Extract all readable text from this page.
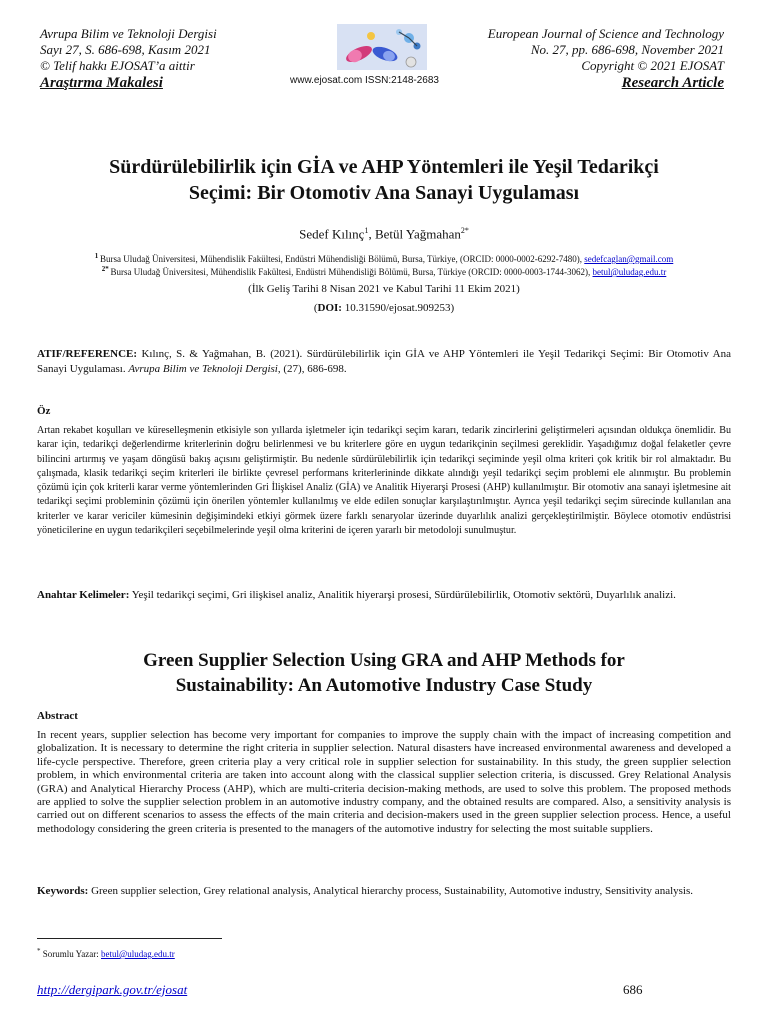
Avrupa Bilim ve Teknoloji Dergisi
Sayı 27, S. 686-698, Kasım 2021
© Telif hakkı EJOSAT’a aittir
Araştırma Makalesi	www.ejosat.com ISSN:2148-2683
European Journal of Science and Technology
No. 27, pp. 686-698, November 2021
Copyright © 2021 EJOSAT
Research Article
Sürdürülebilirlik için GİA ve AHP Yöntemleri ile Yeşil Tedarikçi
Seçimi: Bir Otomotiv Ana Sanayi Uygulaması
Sedef Kılınç$^1$, Betül Yağmahan$^{2*}$
$^1$ Bursa Uludağ Üniversitesi, Mühendislik Fakültesi, Endüstri Mühendisliği Bölümü, Bursa, Türkiye, (ORCID: 0000-0002-6292-7480), sedefcaglan@gmail.com
$^{2*}$ Bursa Uludağ Üniversitesi, Mühendislik Fakültesi, Endüstri Mühendisliği Bölümü, Bursa, Türkiye (ORCID: 0000-0003-1744-3062), betul@uludag.edu.tr
(İlk Geliş Tarihi 8 Nisan 2021 ve Kabul Tarihi 11 Ekim 2021)
(DOI: 10.31590/ejosat.909253)
ATIF/REFERENCE: Kılınç, S. & Yağmahan, B. (2021). Sürdürülebilirlik için GİA ve AHP Yöntemleri ile Yeşil Tedarikçi Seçimi: Bir Otomotiv Ana Sanayi Uygulaması. Avrupa Bilim ve Teknoloji Dergisi, (27), 686-698.
Öz
Artan rekabet koşulları ve küreselleşmenin etkisiyle son yıllarda işletmeler için tedarikçi seçim kararı, tedarik zincirlerini geliştirmeleri açısından oldukça önemlidir. Bu karar için, tedarikçi değerlendirme kriterlerinin doğru belirlenmesi ve bu kriterlere göre en uygun tedarikçinin seçilmesi gereklidir. Yaşadığımız doğal felaketler çevre bilincini artırmış ve yaşam döngüsü bakış açısını geliştirmiştir. Bu nedenle sürdürülebilirlik için tedarikçi seçiminde yeşil olma kriteri çok kritik bir rol almaktadır. Bu çalışmada, klasik tedarikçi seçim kriterleri ile birlikte çevresel performans kriterlerininde dikkate alındığı yeşil tedarikçi seçim problemi ele alınmıştır. Bu problemin çözümü için çok kriterli karar verme yöntemlerinden Gri İlişkisel Analiz (GİA) ve Analitik Hiyerarşi Prosesi (AHP) kullanılmıştır. Bir otomotiv ana sanayi işletmesine ait tedarikçi seçimi probleminin çözümü için önerilen yöntemler kullanılmış ve elde edilen sonuçlar karşılaştırılmıştır. Ayrıca yeşil tedarikçi seçim sürecinde kullanılan ana kriterler ve karar vericiler kümesinin değişimindeki etkiyi görmek üzere farklı senaryolar üzerinde duyarlılık analizi gerçekleştirilmiştir. Böylece otomotiv endüstrisi yöneticilerine en uygun tedarikçileri seçebilmelerinde yeşil olma kriterini de içeren yararlı bir metodoloji sunulmuştur.
Anahtar Kelimeler: Yeşil tedarikçi seçimi, Gri ilişkisel analiz, Analitik hiyerarşi prosesi, Sürdürülebilirlik, Otomotiv sektörü, Duyarlılık analizi.
Green Supplier Selection Using GRA and AHP Methods for
Sustainability: An Automotive Industry Case Study
Abstract
In recent years, supplier selection has become very important for companies to improve the supply chain with the impact of increasing competition and globalization. It is necessary to determine the right criteria in supplier selection. Natural disasters have increased environmental awareness and developed a life-cycle perspective. Therefore, green criteria play a very critical role in supplier selection for sustainability. In this study, the green supplier selection problem, in which environmental criteria are taken into account along with the classical supplier selection criteria, is discussed. Grey Relational Analysis (GRA) and Analytical Hierarchy Process (AHP), which are multi-criteria decision-making methods, are used to solve this problem. The proposed methods are applied to solve the supplier selection problem in an automotive industry company, and the obtained results are compared. Also, a sensitivity analysis is carried out on different scenarios to assess the effects of the main criteria and decision-makers used in the green supplier selection process. Hence, a useful methodology considering the green criteria is presented to the managers of the automotive industry for selecting the most suitable suppliers.
Keywords: Green supplier selection, Grey relational analysis, Analytical hierarchy process, Sustainability, Automotive industry, Sensitivity analysis.
* Sorumlu Yazar: betul@uludag.edu.tr
http://dergipark.gov.tr/ejosat	686
